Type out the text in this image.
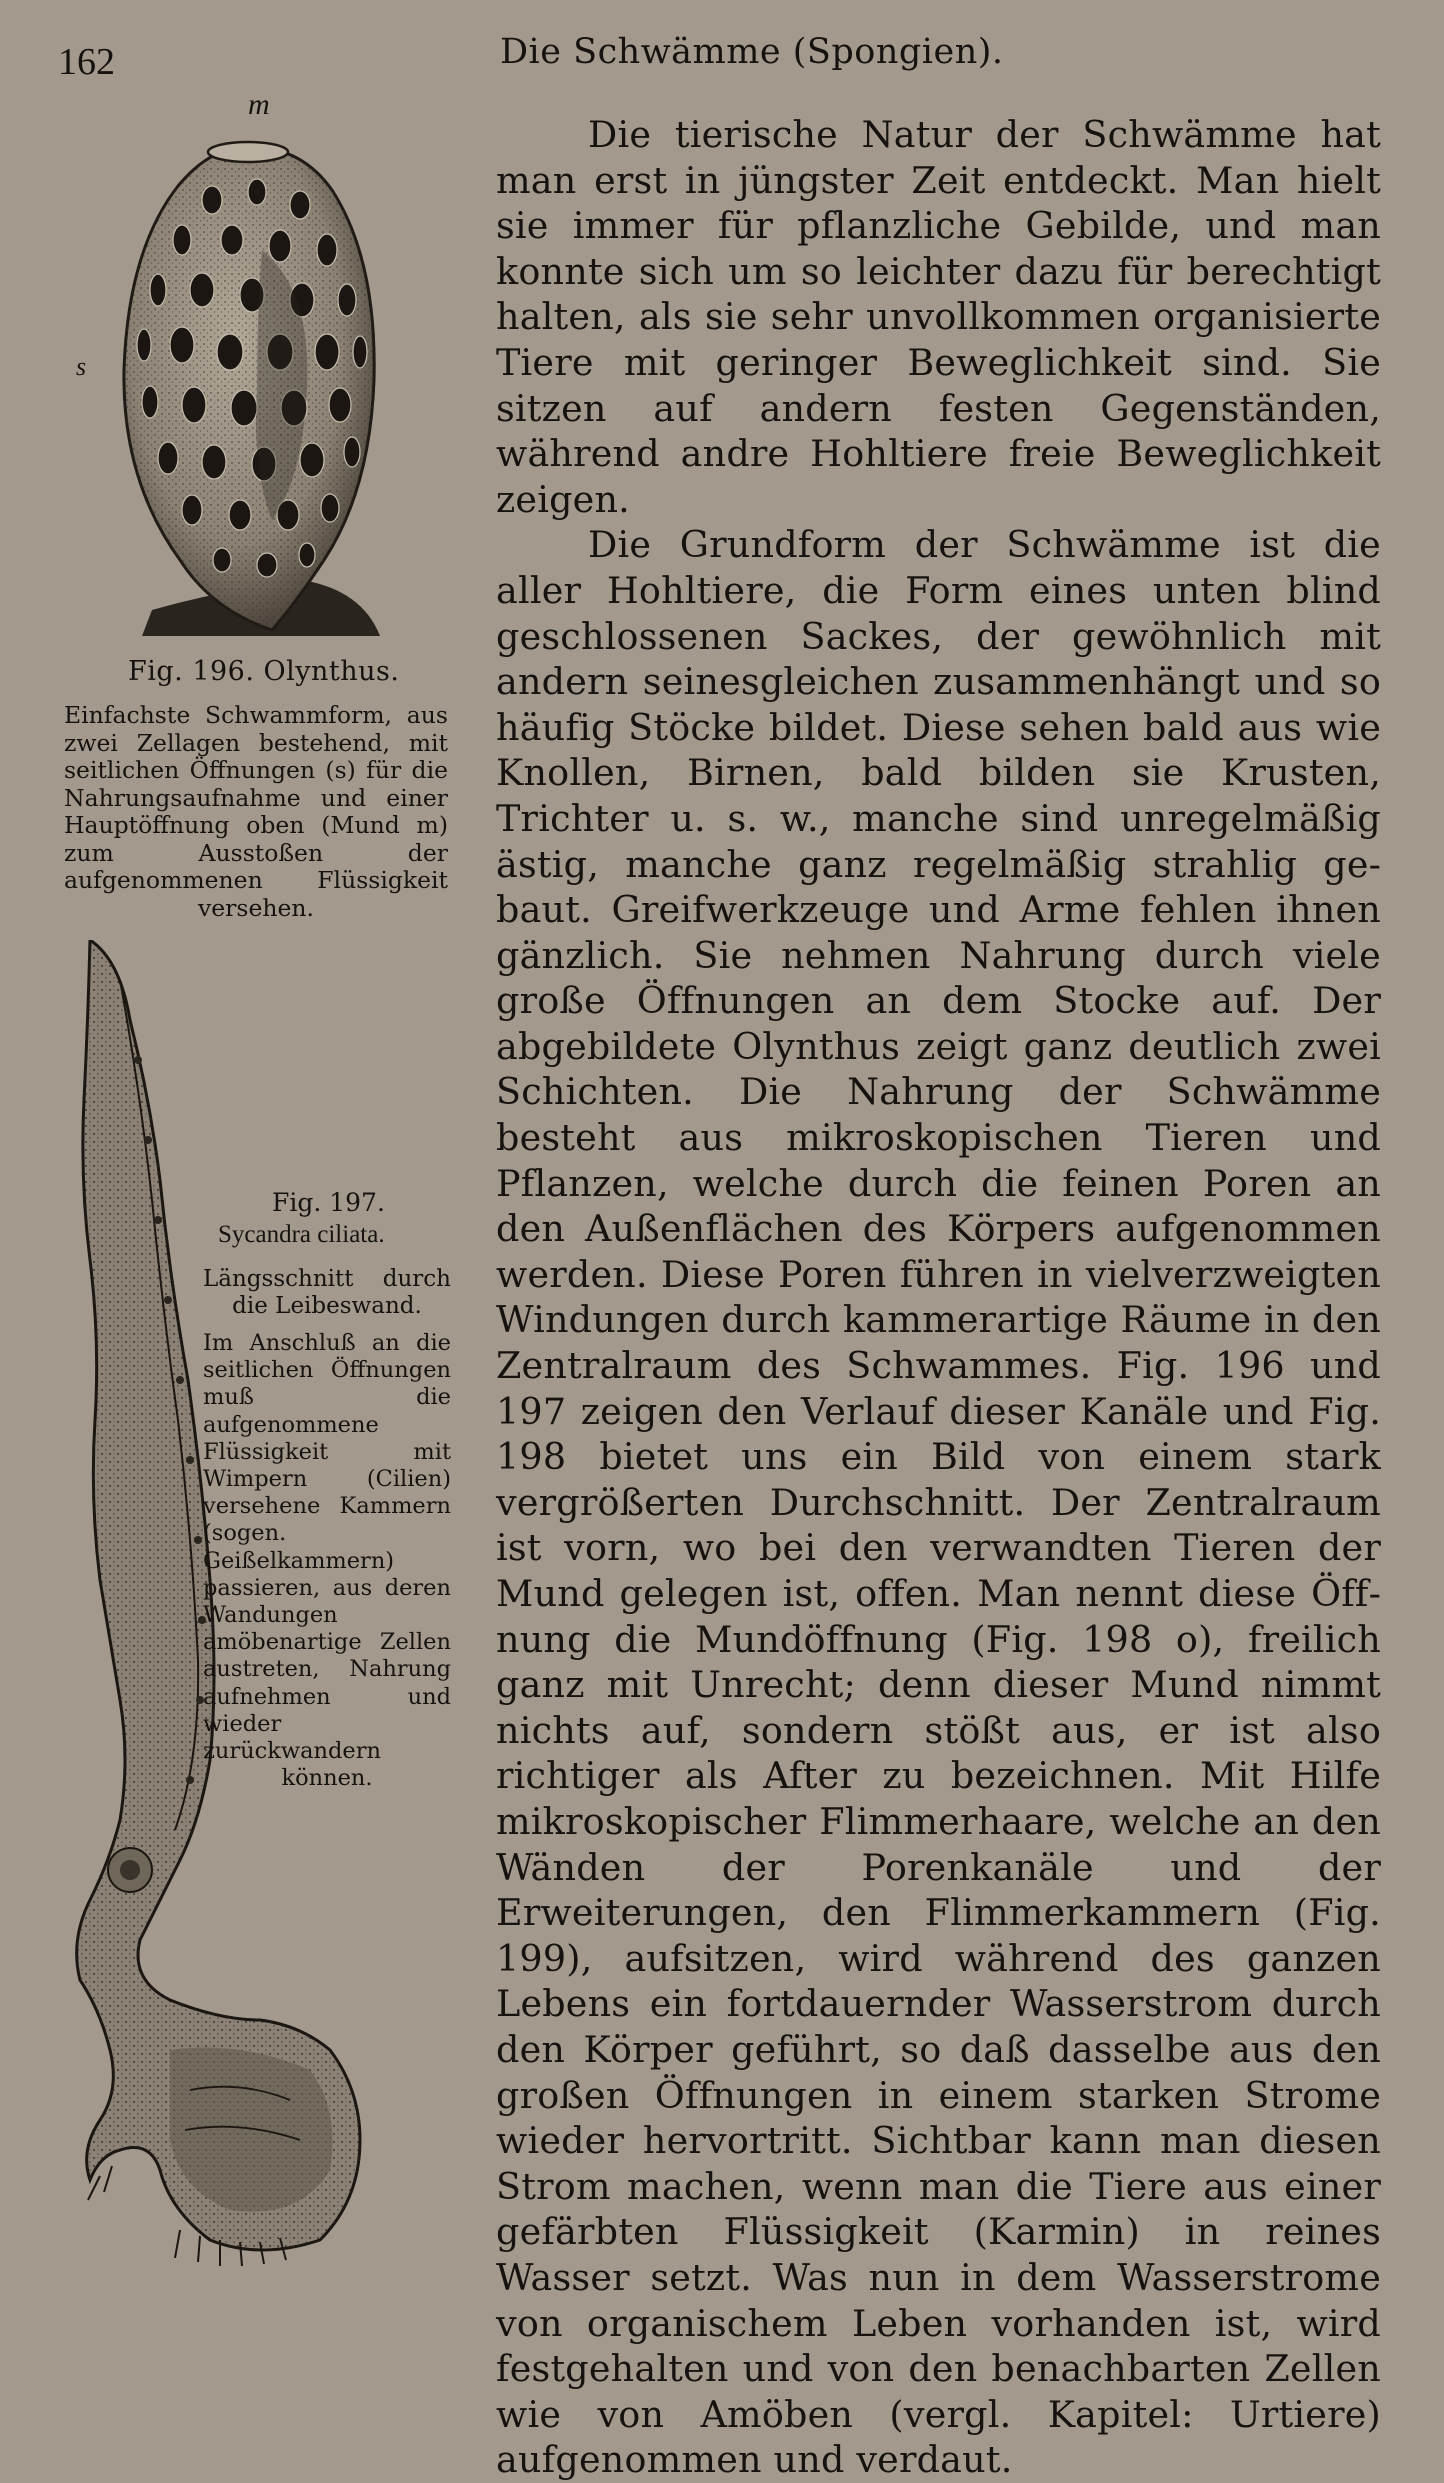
162	Die Schwämme (Spongien).
m
s
Fig. 196. Olynthus.
Einfachste Schwammform, aus zwei Zellagen bestehend, mit seitlichen Öffnungen (s) für die Nahrungsaufnahme und einer Hauptöffnung oben (Mund m) zum Ausstoßen der aufgenommenen Flüssigkeit versehen.
Fig. 197.
Sycandra ciliata.
Längsschnitt durch die Leibeswand.
Im Anschluß an die seitlichen Öffnungen muß die aufgenommene Flüssigkeit mit Wimpern (Cilien) versehene Kammern (sogen. Geißelkammern) passieren, aus deren Wandungen amöbenartige Zellen austreten, Nahrung aufnehmen und wieder zurückwandern können.

Die tierische Natur der Schwämme hat man erst in jüngster Zeit entdeckt. Man hielt sie immer für pflanzliche Gebilde, und man konnte sich um so leichter dazu für berechtigt halten, als sie sehr unvollkommen organisierte Tiere mit geringer Beweglichkeit sind. Sie sitzen auf andern festen Gegenständen, während andre Hohltiere freie Beweglichkeit zeigen.

Die Grundform der Schwämme ist die aller Hohltiere, die Form eines unten blind geschlossenen Sackes, der gewöhnlich mit andern seinesgleichen zusammenhängt und so häufig Stöcke bildet. Diese sehen bald aus wie Knollen, Birnen, bald bilden sie Krusten, Trichter u. s. w., manche sind unregelmäßig ästig, manche ganz regelmäßig strahlig gebaut. Greifwerkzeuge und Arme fehlen ihnen gänzlich. Sie nehmen Nahrung durch viele große Öffnungen an dem Stocke auf. Der abgebildete Olynthus zeigt ganz deutlich zwei Schichten. Die Nahrung der Schwämme besteht aus mikroskopischen Tieren und Pflanzen, welche durch die feinen Poren an den Außenflächen des Körpers aufgenommen werden. Diese Poren führen in vielverzweigten Windungen durch kammerartige Räume in den Zentralraum des Schwammes. Fig. 196 und 197 zeigen den Verlauf dieser Kanäle und Fig. 198 bietet uns ein Bild von einem stark vergrößerten Durchschnitt. Der Zentralraum ist vorn, wo bei den verwandten Tieren der Mund gelegen ist, offen. Man nennt diese Öffnung die Mundöffnung (Fig. 198 o), freilich ganz mit Unrecht; denn dieser Mund nimmt nichts auf, sondern stößt aus, er ist also richtiger als After zu bezeichnen. Mit Hilfe mikroskopischer Flimmerhaare, welche an den Wänden der Porenkanäle und der Erweiterungen, den Flimmerkammern (Fig. 199), aufsitzen, wird während des ganzen Lebens ein fortdauernder Wasserstrom durch den Körper geführt, so daß dasselbe aus den großen Öffnungen in einem starken Strome wieder hervortritt. Sichtbar kann man diesen Strom machen, wenn man die Tiere aus einer gefärbten Flüssigkeit (Karmin) in reines Wasser setzt. Was nun in dem Wasserstrome von organischem Leben vorhanden ist, wird festgehalten und von den benachbarten Zellen wie von Amöben (vergl. Kapitel: Urtiere) aufgenommen und verdaut.
